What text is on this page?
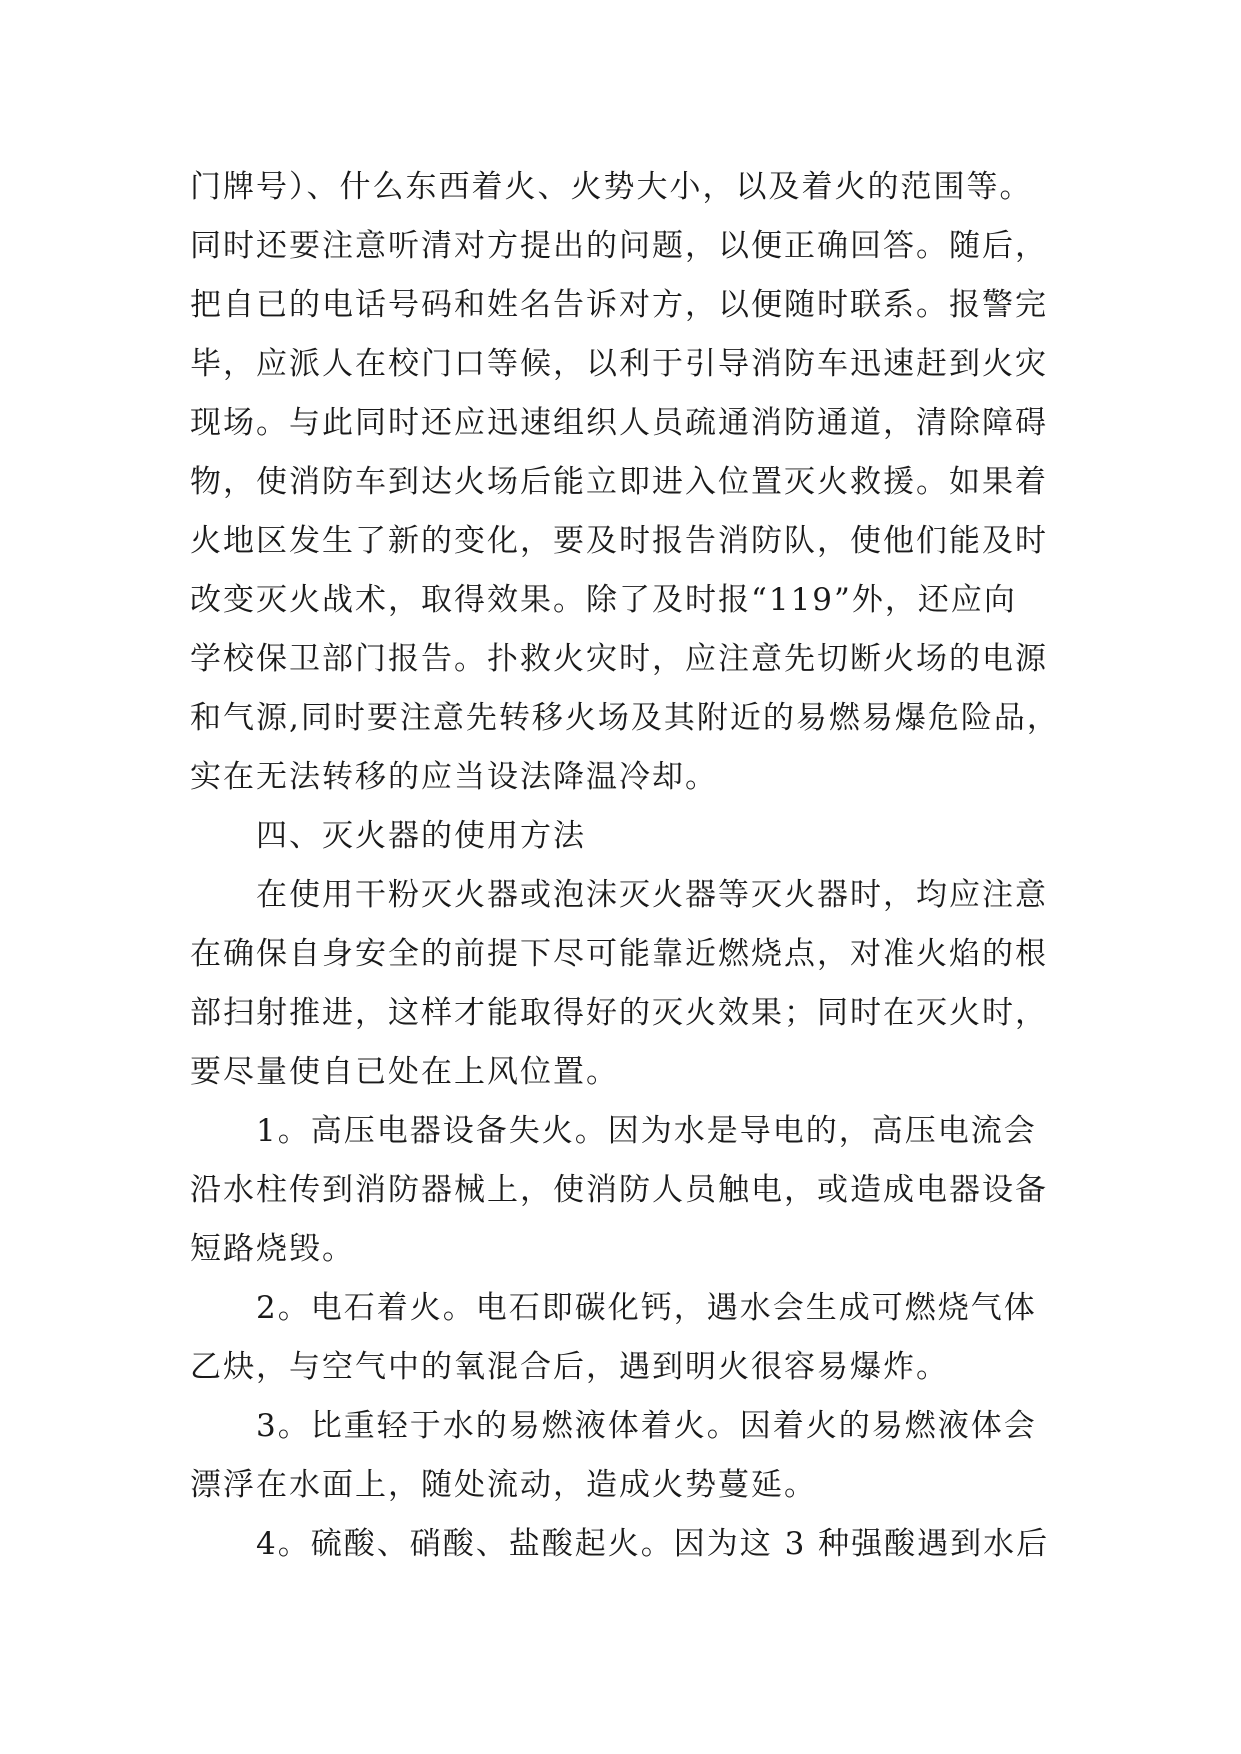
门牌号）、什么东西着火、火势大小，以及着火的范围等。
同时还要注意听清对方提出的问题，以便正确回答。随后，
把自已的电话号码和姓名告诉对方，以便随时联系。报警完
毕，应派人在校门口等候，以利于引导消防车迅速赶到火灾
现场。与此同时还应迅速组织人员疏通消防通道，清除障碍
物，使消防车到达火场后能立即进入位置灭火救援。如果着
火地区发生了新的变化，要及时报告消防队，使他们能及时
改变灭火战术，取得效果。除了及时报“119”外，还应向
学校保卫部门报告。扑救火灾时，应注意先切断火场的电源
和气源,同时要注意先转移火场及其附近的易燃易爆危险品，
实在无法转移的应当设法降温冷却。
四、灭火器的使用方法
在使用干粉灭火器或泡沫灭火器等灭火器时，均应注意
在确保自身安全的前提下尽可能靠近燃烧点，对准火焰的根
部扫射推进，这样才能取得好的灭火效果；同时在灭火时，
要尽量使自已处在上风位置。
1。高压电器设备失火。因为水是导电的，高压电流会
沿水柱传到消防器械上，使消防人员触电，或造成电器设备
短路烧毁。
2。电石着火。电石即碳化钙，遇水会生成可燃烧气体
乙炔，与空气中的氧混合后，遇到明火很容易爆炸。
3。比重轻于水的易燃液体着火。因着火的易燃液体会
漂浮在水面上，随处流动，造成火势蔓延。
4。硫酸、硝酸、盐酸起火。因为这 3 种强酸遇到水后
